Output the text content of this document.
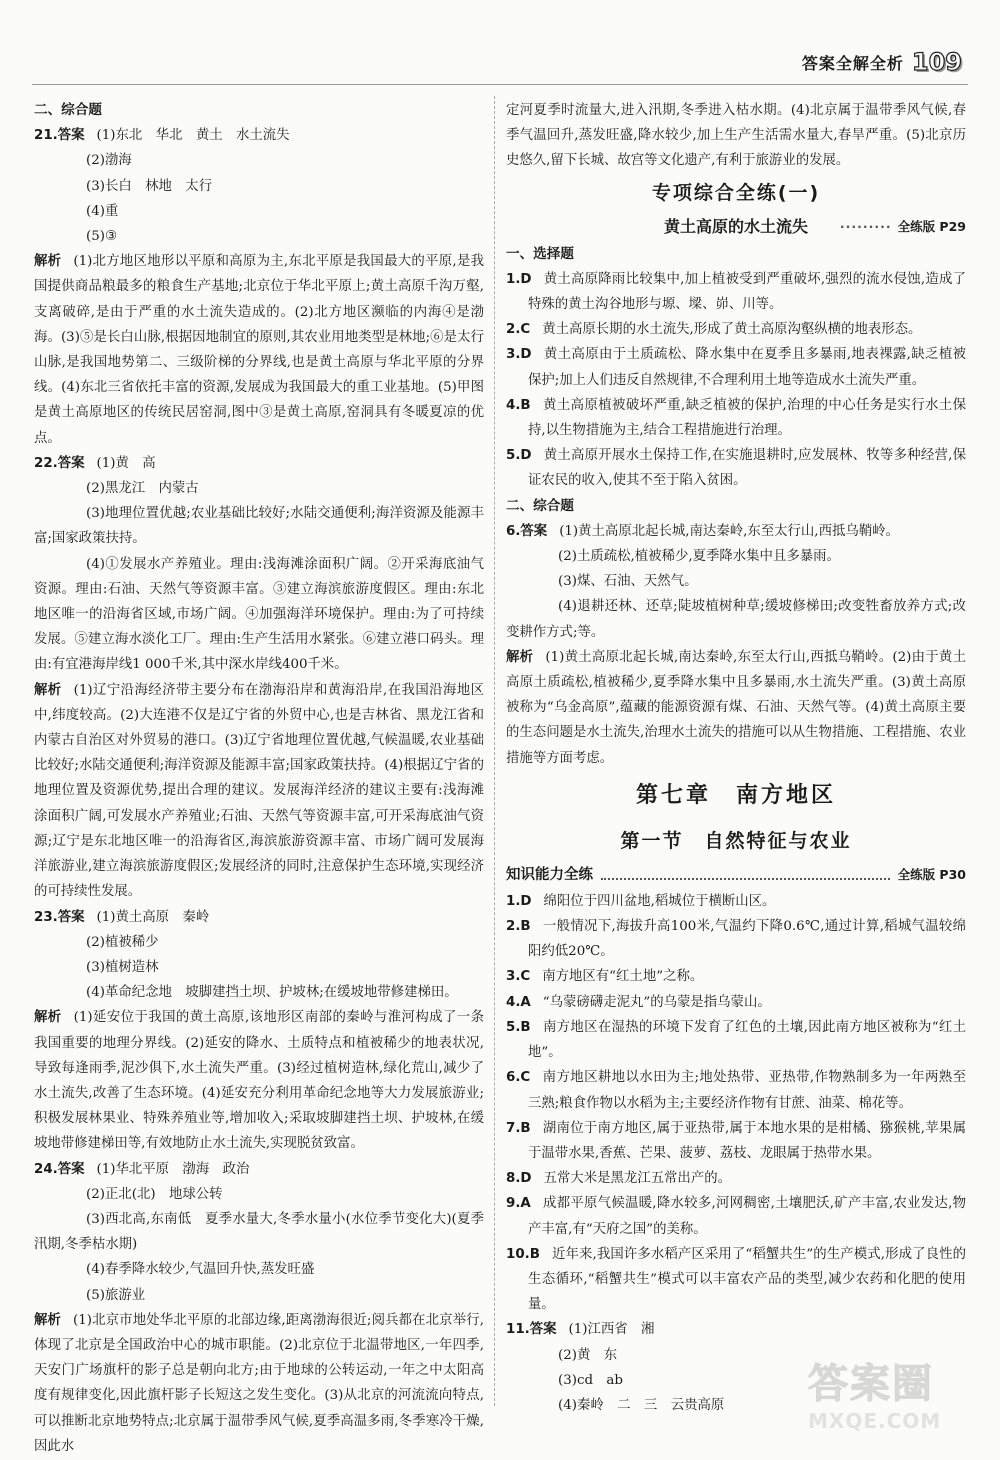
答案全解全析 109
二、综合题
21.答案 (1)东北　华北　黄土　水土流失
(2)渤海
(3)长白　林地　太行
(4)重
(5)③
解析 (1)北方地区地形以平原和高原为主,东北平原是我国最大的平原,是我国提供商品粮最多的粮食生产基地;北京位于华北平原上;黄土高原千沟万壑,支离破碎,是由于严重的水土流失造成的。(2)北方地区濒临的内海④是渤海。(3)⑤是长白山脉,根据因地制宜的原则,其农业用地类型是林地;⑥是太行山脉,是我国地势第二、三级阶梯的分界线,也是黄土高原与华北平原的分界线。(4)东北三省依托丰富的资源,发展成为我国最大的重工业基地。(5)甲图是黄土高原地区的传统民居窑洞,图中③是黄土高原,窑洞具有冬暖夏凉的优点。
22.答案 (1)黄　高
(2)黑龙江　内蒙古
(3)地理位置优越;农业基础比较好;水陆交通便利;海洋资源及能源丰富;国家政策扶持。
(4)①发展水产养殖业。理由:浅海滩涂面积广阔。②开采海底油气资源。理由:石油、天然气等资源丰富。③建立海滨旅游度假区。理由:东北地区唯一的沿海省区域,市场广阔。④加强海洋环境保护。理由:为了可持续发展。⑤建立海水淡化工厂。理由:生产生活用水紧张。⑥建立港口码头。理由:有宜港海岸线1 000千米,其中深水岸线400千米。
解析 (1)辽宁沿海经济带主要分布在渤海沿岸和黄海沿岸,在我国沿海地区中,纬度较高。(2)大连港不仅是辽宁省的外贸中心,也是吉林省、黑龙江省和内蒙古自治区对外贸易的港口。(3)辽宁省地理位置优越,气候温暖,农业基础比较好;水陆交通便利;海洋资源及能源丰富;国家政策扶持。(4)根据辽宁省的地理位置及资源优势,提出合理的建议。发展海洋经济的建议主要有:浅海滩涂面积广阔,可发展水产养殖业;石油、天然气等资源丰富,可开采海底油气资源;辽宁是东北地区唯一的沿海省区,海滨旅游资源丰富、市场广阔可发展海洋旅游业,建立海滨旅游度假区;发展经济的同时,注意保护生态环境,实现经济的可持续性发展。
23.答案 (1)黄土高原　秦岭
(2)植被稀少
(3)植树造林
(4)革命纪念地　坡脚建挡土坝、护坡林;在缓坡地带修建梯田。
解析 (1)延安位于我国的黄土高原,该地形区南部的秦岭与淮河构成了一条我国重要的地理分界线。(2)延安的降水、土质特点和植被稀少的地表状况,导致每逢雨季,泥沙俱下,水土流失严重。(3)经过植树造林,绿化荒山,减少了水土流失,改善了生态环境。(4)延安充分利用革命纪念地等大力发展旅游业;积极发展林果业、特殊养殖业等,增加收入;采取坡脚建挡土坝、护坡林,在缓坡地带修建梯田等,有效地防止水土流失,实现脱贫致富。
24.答案 (1)华北平原　渤海　政治
(2)正北(北)　地球公转
(3)西北高,东南低　夏季水量大,冬季水量小(水位季节变化大)(夏季汛期,冬季枯水期)
(4)春季降水较少,气温回升快,蒸发旺盛
(5)旅游业
解析 (1)北京市地处华北平原的北部边缘,距离渤海很近;阅兵都在北京举行,体现了北京是全国政治中心的城市职能。(2)北京位于北温带地区,一年四季,天安门广场旗杆的影子总是朝向北方;由于地球的公转运动,一年之中太阳高度有规律变化,因此旗杆影子长短这之发生变化。(3)从北京的河流流向特点,可以推断北京地势特点;北京属于温带季风气候,夏季高温多雨,冬季寒冷干燥,因此水
定河夏季时流量大,进入汛期,冬季进入枯水期。(4)北京属于温带季风气候,春季气温回升,蒸发旺盛,降水较少,加上生产生活需水量大,春旱严重。(5)北京历史悠久,留下长城、故宫等文化遗产,有利于旅游业的发展。
专项综合全练(一)
黄土高原的水土流失	········· 全练版 P29
一、选择题
1.D 黄土高原降雨比较集中,加上植被受到严重破坏,强烈的流水侵蚀,造成了特殊的黄土沟谷地形与塬、墚、峁、川等。
2.C 黄土高原长期的水土流失,形成了黄土高原沟壑纵横的地表形态。
3.D 黄土高原由于土质疏松、降水集中在夏季且多暴雨,地表裸露,缺乏植被保护;加上人们违反自然规律,不合理利用土地等造成水土流失严重。
4.B 黄土高原植被破坏严重,缺乏植被的保护,治理的中心任务是实行水土保持,以生物措施为主,结合工程措施进行治理。
5.D 黄土高原开展水土保持工作,在实施退耕时,应发展林、牧等多种经营,保证农民的收入,使其不至于陷入贫困。
二、综合题
6.答案 (1)黄土高原北起长城,南达秦岭,东至太行山,西抵乌鞘岭。
(2)土质疏松,植被稀少,夏季降水集中且多暴雨。
(3)煤、石油、天然气。
(4)退耕还林、还草;陡坡植树种草;缓坡修梯田;改变牲畜放养方式;改变耕作方式;等。
解析 (1)黄土高原北起长城,南达秦岭,东至太行山,西抵乌鞘岭。(2)由于黄土高原土质疏松,植被稀少,夏季降水集中且多暴雨,水土流失严重。(3)黄土高原被称为“乌金高原”,蕴藏的能源资源有煤、石油、天然气等。(4)黄土高原主要的生态问题是水土流失,治理水土流失的措施可以从生物措施、工程措施、农业措施等方面考虑。
第七章　南方地区
第一节　自然特征与农业
知识能力全练	全练版 P30
1.D 绵阳位于四川盆地,稻城位于横断山区。
2.B 一般情况下,海拔升高100米,气温约下降0.6℃,通过计算,稻城气温较绵阳约低20℃。
3.C 南方地区有“红土地”之称。
4.A “乌蒙磅礴走泥丸”的乌蒙是指乌蒙山。
5.B 南方地区在湿热的环境下发育了红色的土壤,因此南方地区被称为“红土地”。
6.C 南方地区耕地以水田为主;地处热带、亚热带,作物熟制多为一年两熟至三熟;粮食作物以水稻为主;主要经济作物有甘蔗、油菜、棉花等。
7.B 湖南位于南方地区,属于亚热带,属于本地水果的是柑橘、猕猴桃,苹果属于温带水果,香蕉、芒果、菠萝、荔枝、龙眼属于热带水果。
8.D 五常大米是黑龙江五常出产的。
9.A 成都平原气候温暖,降水较多,河网稠密,土壤肥沃,矿产丰富,农业发达,物产丰富,有“天府之国”的美称。
10.B 近年来,我国许多水稻产区采用了“稻蟹共生”的生产模式,形成了良性的生态循环,“稻蟹共生”模式可以丰富农产品的类型,减少农药和化肥的使用量。
11.答案 (1)江西省　湘
(2)黄　东
(3)cd　ab
(4)秦岭　二　三　云贵高原	答案圈
MXQE.COM
